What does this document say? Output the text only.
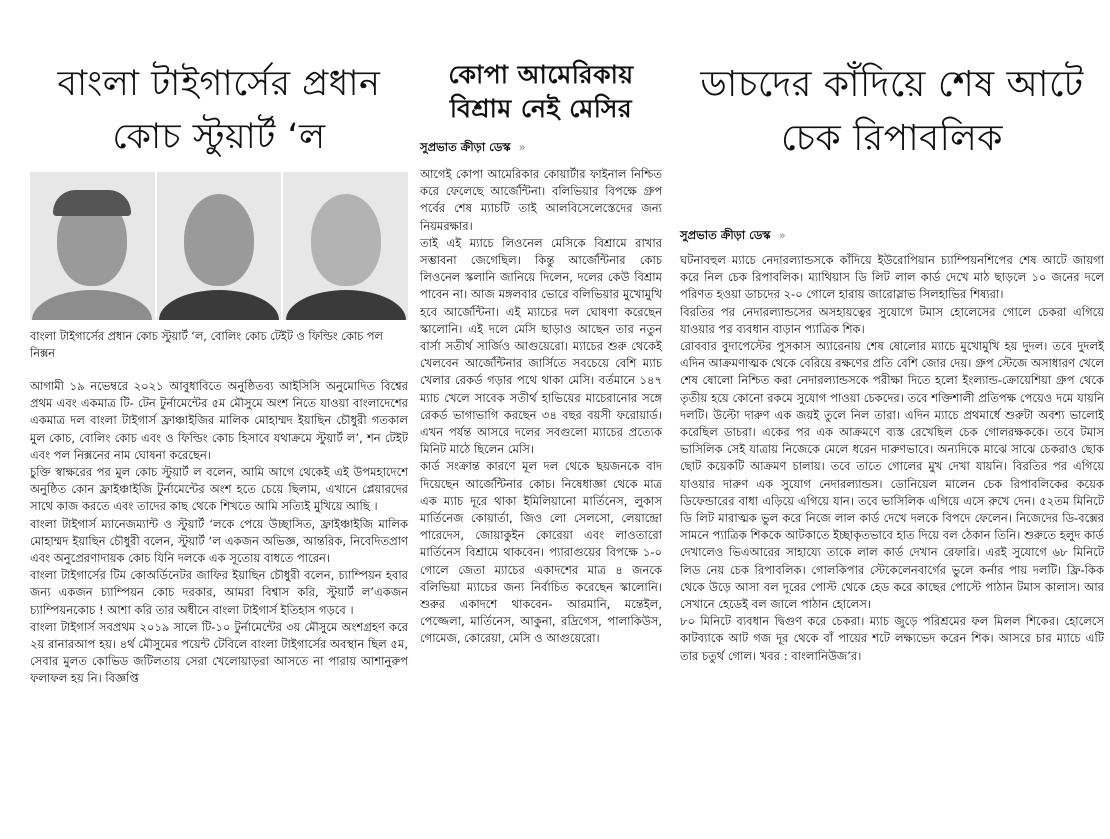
বাংলা টাইগার্সের প্রধান কোচ স্টুয়ার্ট ‘ল

বাংলা টাইগার্সের প্রধান কোচ স্টুয়ার্ট ‘ল, বোলিং কোচ টেইট ও ফিল্ডিং কোচ পল নিক্সন

আগামী ১৯ নভেম্বরে ২০২১ আবুধাবিতে অনুষ্ঠিতব্য আইসিসি অনুমোদিত বিশ্বের প্রথম এবং একমাত্র টি- টেন টুর্নামেন্টের ৫ম মৌসুমে অংশ নিতে যাওয়া বাংলাদেশের একমাত্র দল বাংলা টাইগার্স ফ্রাঞ্চাইজির মালিক মোহাম্মদ ইয়াছিন চৌধুরী গতকাল মুল কোচ, বোলিং কোচ এবং ও ফিল্ডিং কোচ হিসাবে যথাক্রমে স্টুয়ার্ট ল’, শন টেইট এবং পল নিক্সনের নাম ঘোষনা করেছেন।

চুক্তি স্বাক্ষরের পর মুল কোচ স্টুয়ার্ট ল বলেন, আমি আগে থেকেই এই উপমহাদেশে অনুষ্ঠিত কোন ফ্রাইঞ্চাইজি টুর্নামেন্টের অংশ হতে চেয়ে ছিলাম, এখানে প্লেয়ারদের সাথে কাজ করতে এবং তাদের কাছ থেকে শিখতে আমি সত্যিই মুখিয়ে আছি ।

বাংলা টাইগার্স ম্যানেজম্যান্ট ও স্টুয়ার্ট ‘লকে পেয়ে উচ্ছাসিত, ফ্রাইঞ্চাইজি মালিক মোহাম্মদ ইয়াছিন চৌধুরী বলেন, স্টুয়ার্ট ‘ল একজন অভিজ্ঞ, আন্তরিক, নিবেদিতপ্রাণ এবং অনুপ্রেরণাদায়ক কোচ যিনি দলকে এক সূতোয় বাধতে পারেন।

বাংলা টাইগার্সের টিম কোঅর্ডিনেটর জাফির ইয়াছিন চৌধুরী বলেন, চ্যাম্পিয়ন হবার জন্য একজন চ্যাম্পিয়ন কোচ দরকার, আমরা বিশ্বাস করি, স্টুয়ার্ট ল’একজন চ্যাম্পিয়নকোচ ! আশা করি তার অধীনে বাংলা টাইগার্স ইতিহাস গড়বে ।

বাংলা টাইগার্স সবপ্রথম ২০১৯ সালে টি-১০ টুর্নামেন্টের ৩য় মৌসুমে অংশগ্রহণ করে ২য় রানারআপ হয়। ৪র্থ মৌসুমের পয়েন্ট টেবিলে বাংলা টাইগার্সের অবস্থান ছিল ৫ম, সেবার মুলত কোভিড জটিলতায় সেরা খেলোয়াড়রা আসতে না পারায় আশানুরুপ ফলাফল হয় নি। বিজ্ঞপ্তি

কোপা আমেরিকায় বিশ্রাম নেই মেসির
সুপ্রভাত ক্রীড়া ডেস্ক »

আগেই কোপা আমেরিকার কোয়ার্টার ফাইনাল নিশ্চিত করে ফেলেছে আর্জেন্টিনা। বলিভিয়ার বিপক্ষে গ্রুপ পর্বের শেষ ম্যাচটি তাই আলবিসেলেস্তেদের জন্য নিয়মরক্ষার।

তাই এই ম্যাচে লিওনেল মেসিকে বিশ্রামে রাখার সম্ভাবনা জেগেছিল। কিন্তু আর্জেন্টিনার কোচ লিওনেল স্কলানি জানিয়ে দিলেন, দলের কেউ বিশ্রাম পাবেন না। আজ মঙ্গলবার ভোরে বলিভিয়ার মুখোমুখি হবে আর্জেন্টিনা। এই ম্যাচের দল ঘোষণা করেছেন স্কালোনি। এই দলে মেসি ছাড়াও আছেন তার নতুন বার্সা সতীর্থ সার্জিও আগুয়েরো। ম্যাচের শুরু থেকেই খেলবেন আর্জেন্টিনার জার্সিতে সবচেয়ে বেশি ম্যাচ খেলার রেকর্ড গড়ার পথে থাকা মেসি। বর্তমানে ১৪৭ ম্যাচ খেলে সাবেক সতীর্থ হাভিয়ের মাচেরানোর সঙ্গে রেকর্ড ভাগাভাগি করছেন ৩৪ বছর বয়সী ফরোয়ার্ড। এখন পর্যন্ত আসরে দলের সবগুলো ম্যাচের প্রত্যেক মিনিট মাঠে ছিলেন মেসি।

কার্ড সংক্রান্ত কারণে মূল দল থেকে ছয়জনকে বাদ দিয়েছেন আর্জেন্টিনার কোচ। নিষেধাজ্ঞা থেকে মাত্র এক ম্যাচ দূরে থাকা ইমিলিয়ানো মার্তিনেস, লুকাস মার্তিনেজ কোয়ার্তা, জিও লো সেলসো, লেয়ান্দ্রো পারেদেস, জোয়াকুইন কোরেয়া এবং লাওতারো মার্তিনেস বিশ্রামে থাকবেন। প্যারাগুয়ের বিপক্ষে ১-০ গোলে জেতা ম্যাচের একাদশের মাত্র ৪ জনকে বলিভিয়া ম্যাচের জন্য নির্বাচিত করেছেন স্কালোনি। শুরুর একাদশে থাকবেন- আরমানি, মন্তেইল, পেজ্জেলা, মার্তিনেস, আকুনা, রদ্রিগেস, পালাকিউস, গোমেজ, কোরেয়া, মেসি ও আগুয়েরো।

ডাচদের কাঁদিয়ে শেষ আটে চেক রিপাবলিক
সুপ্রভাত ক্রীড়া ডেস্ক »

ঘটনাবহুল ম্যাচে নেদারল্যান্ডসকে কাঁদিয়ে ইউরোপিয়ান চ্যাম্পিয়নশিপের শেষ আটে জায়গা করে নিল চেক রিপাবলিক। ম্যাথিয়াস ডি লিট লাল কার্ড দেখে মাঠ ছাড়লে ১০ জনের দলে পরিণত হওয়া ডাচদের ২-০ গোলে হারায় জারোস্লাভ সিলহাভির শিষ্যরা।

বিরতির পর নেদারল্যান্ডসের অসহায়ত্বের সুযোগে টমাস হোলেসের গোলে চেকরা এগিয়ে যাওয়ার পর ব্যবধান বাড়ান প্যাত্রিক শিক।

রোববার বুদাপেস্টের পুসকাস অ্যারেনায় শেষ ষোলোর ম্যাচে মুখোমুখি হয় দুদল। তবে দুদলই এদিন আক্রমণাত্মক থেকে বেরিয়ে রক্ষণের প্রতি বেশি জোর দেয়। গ্রুপ স্টেজে অসাধারণ খেলে শেষ ষোলো নিশ্চিত করা নেদারল্যান্ডসকে পরীক্ষা দিতে হলো ইংল্যান্ড-ক্রোয়েশিয়া গ্রুপ থেকে তৃতীয় হয়ে কোনো রকমে সুযোগ পাওয়া চেকদের। তবে শক্তিশালী প্রতিপক্ষ পেয়েও দমে যায়নি দলটি। উল্টো দারুণ এক জয়ই তুলে নিল তারা। এদিন ম্যাচে প্রথমার্ধে শুরুটা অবশ্য ভালোই করেছিল ডাচরা। একের পর এক আক্রমণে ব্যস্ত রেখেছিল চেক গোলরক্ষককে। তবে টমাস ভাসিলিক সেই যাত্রায় নিজেকে মেলে ধরেন দারুণভাবে। অন্যদিকে মাঝে সাঝে চেকরাও ছোক ছোট কয়েকটি আক্রমণ চালায়। তবে তাতে গোলের মুখ দেখা যায়নি। বিরতির পর এগিয়ে যাওয়ার দারুণ এক সুযোগ নেদারল্যান্ডস। ডোনিয়েল মালেন চেক রিপাবলিকের কয়েক ডিফেন্ডারের বাধা এড়িয়ে এগিয়ে যান। তবে ভাসিলিক এগিয়ে এসে রুখে দেন। ৫২তম মিনিটে ডি লিট মারাত্মক ভুল করে নিজে লাল কার্ড দেখে দলকে বিপদে ফেলেন। নিজেদের ডি-বক্সের সামনে প্যাত্রিক শিককে আটকাতে ইচ্ছাকৃতভাবে হাত দিয়ে বল ঠেকান তিনি। শুরুতে হলুদ কার্ড দেখালেও ভিএআরের সাহায্যে তাকে লাল কার্ড দেখান রেফারি। এরই সুযোগে ৬৮ মিনিটে লিড নেয় চেক রিপাবলিক। গোলকিপার স্টেকেলেনবার্গের ভুলে কর্নার পায় দলটি। ফ্রি-কিক থেকে উড়ে আসা বল দূরের পোস্ট থেকে হেড করে কাছের পোস্টে পাঠান টমাস কালাস। আর সেখানে হেডেই বল জালে পাঠান হোলেস।

৮০ মিনিটে ব্যবধান দ্বিগুণ করে চেকরা। ম্যাচ জুড়ে পরিশ্রমের ফল মিলল শিকের। হোলেসে কাটব্যাকে আট গজ দূর থেকে বাঁ পায়ের শটে লক্ষ্যভেদ করেন শিক। আসরে চার ম্যাচে এটি তার চতুর্থ গোল। খবর : বাংলানিউজ’র।
